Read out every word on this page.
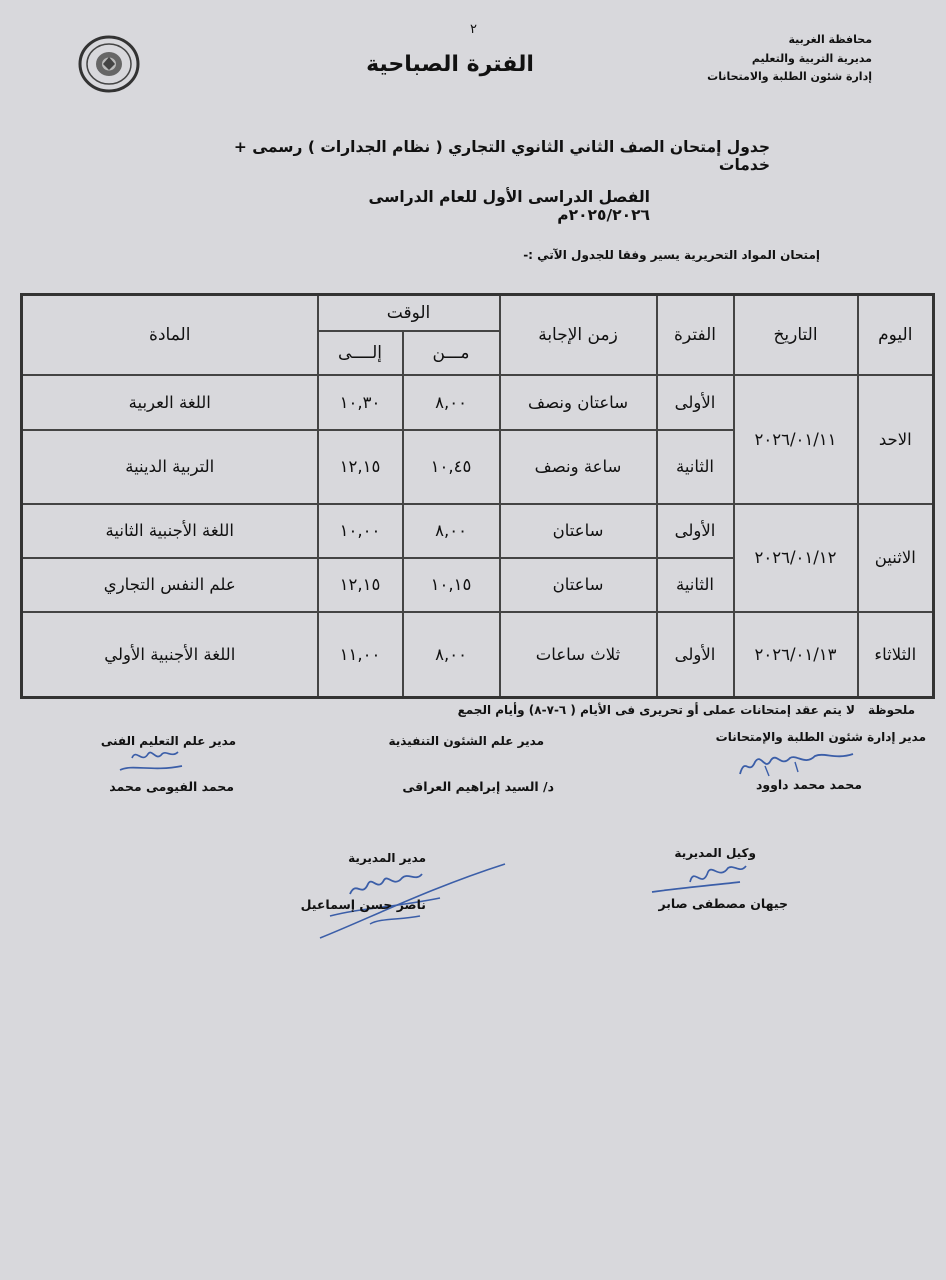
٢
الفترة الصباحية
محافظة الغربية
مديرية التربية والتعليم
إدارة شئون الطلبة والامتحانات
جدول إمتحان الصف الثاني الثانوي التجاري ( نظام الجدارات ) رسمى + خدمات
الفصل الدراسى الأول للعام الدراسى ٢٠٢٥/٢٠٢٦م
إمتحان المواد التحريرية يسير وفقا للجدول الآتي :-
اليوم	التاريخ	الفترة	زمن الإجابة	الوقت		المادة
				مـــن	إلــــى	
الاحد	٢٠٢٦/٠١/١١	الأولى	ساعتان ونصف	٨,٠٠	١٠,٣٠	اللغة العربية
		الثانية	ساعة ونصف	١٠,٤٥	١٢,١٥	التربية الدينية
الاثنين	٢٠٢٦/٠١/١٢	الأولى	ساعتان	٨,٠٠	١٠,٠٠	اللغة الأجنبية الثانية
		الثانية	ساعتان	١٠,١٥	١٢,١٥	علم النفس التجاري
الثلاثاء	٢٠٢٦/٠١/١٣	الأولى	ثلاث ساعات	٨,٠٠	١١,٠٠	اللغة الأجنبية الأولي
ملحوظة
لا يتم عقد إمتحانات عملى أو تحريرى فى الأيام ( ٦-٧-٨) وأيام الجمع
مدير إدارة شئون الطلبة والإمتحانات
محمد محمد داوود
مدير علم الشئون التنفيذية
د/ السيد إبراهيم العراقى
مدير علم التعليم الفنى
محمد الفيومى محمد
وكيل المديرية
جيهان مصطفى صابر
مدير المديرية
ناصر حسن إسماعيل
